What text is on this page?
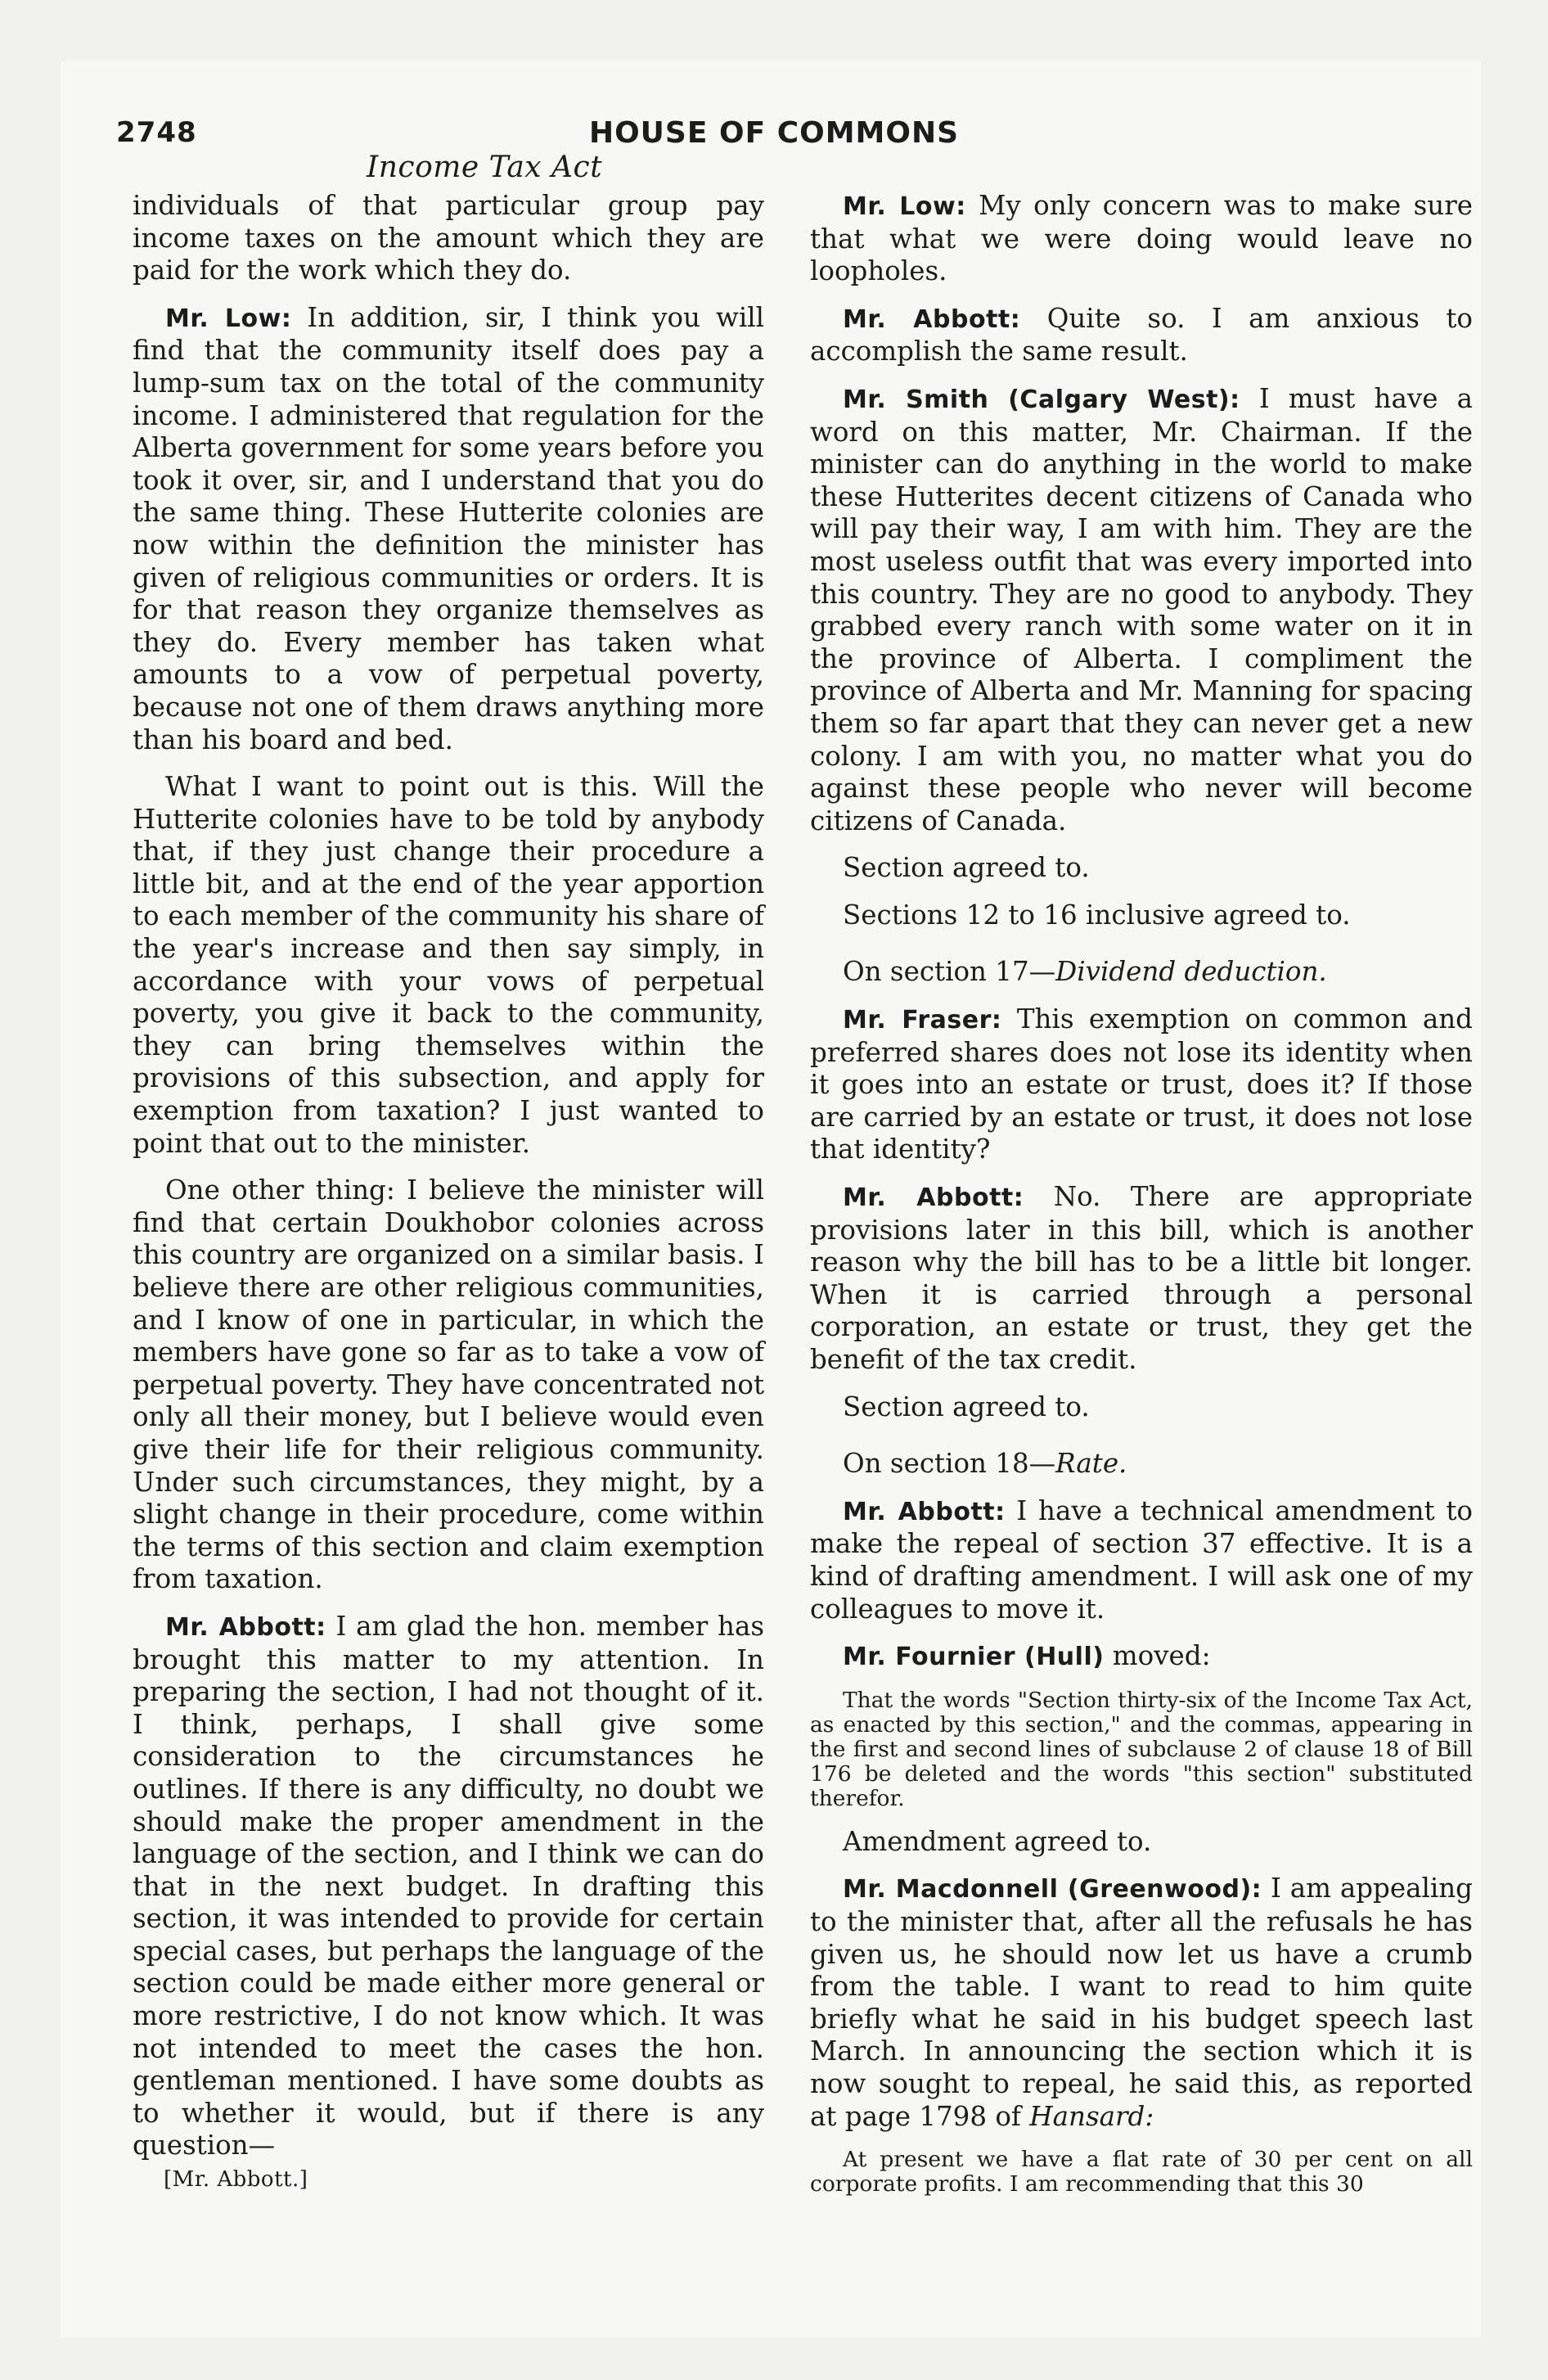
2748	HOUSE OF COMMONS
Income Tax Act

individuals of that particular group pay income taxes on the amount which they are paid for the work which they do.

Mr. Low: In addition, sir, I think you will find that the community itself does pay a lump-sum tax on the total of the community income. I administered that regulation for the Alberta government for some years before you took it over, sir, and I understand that you do the same thing. These Hutterite colonies are now within the definition the minister has given of religious communities or orders. It is for that reason they organize themselves as they do. Every member has taken what amounts to a vow of perpetual poverty, because not one of them draws anything more than his board and bed.

What I want to point out is this. Will the Hutterite colonies have to be told by anybody that, if they just change their procedure a little bit, and at the end of the year apportion to each member of the community his share of the year's increase and then say simply, in accordance with your vows of perpetual poverty, you give it back to the community, they can bring themselves within the provisions of this subsection, and apply for exemption from taxation? I just wanted to point that out to the minister.

One other thing: I believe the minister will find that certain Doukhobor colonies across this country are organized on a similar basis. I believe there are other religious communities, and I know of one in particular, in which the members have gone so far as to take a vow of perpetual poverty. They have concentrated not only all their money, but I believe would even give their life for their religious community. Under such circumstances, they might, by a slight change in their procedure, come within the terms of this section and claim exemption from taxation.

Mr. Abbott: I am glad the hon. member has brought this matter to my attention. In preparing the section, I had not thought of it. I think, perhaps, I shall give some consideration to the circumstances he outlines. If there is any difficulty, no doubt we should make the proper amendment in the language of the section, and I think we can do that in the next budget. In drafting this section, it was intended to provide for certain special cases, but perhaps the language of the section could be made either more general or more restrictive, I do not know which. It was not intended to meet the cases the hon. gentleman mentioned. I have some doubts as to whether it would, but if there is any question—

[Mr. Abbott.]

Mr. Low: My only concern was to make sure that what we were doing would leave no loopholes.

Mr. Abbott: Quite so. I am anxious to accomplish the same result.

Mr. Smith (Calgary West): I must have a word on this matter, Mr. Chairman. If the minister can do anything in the world to make these Hutterites decent citizens of Canada who will pay their way, I am with him. They are the most useless outfit that was every imported into this country. They are no good to anybody. They grabbed every ranch with some water on it in the province of Alberta. I compliment the province of Alberta and Mr. Manning for spacing them so far apart that they can never get a new colony. I am with you, no matter what you do against these people who never will become citizens of Canada.

Section agreed to.

Sections 12 to 16 inclusive agreed to.

On section 17—Dividend deduction.

Mr. Fraser: This exemption on common and preferred shares does not lose its identity when it goes into an estate or trust, does it? If those are carried by an estate or trust, it does not lose that identity?

Mr. Abbott: No. There are appropriate provisions later in this bill, which is another reason why the bill has to be a little bit longer. When it is carried through a personal corporation, an estate or trust, they get the benefit of the tax credit.

Section agreed to.

On section 18—Rate.

Mr. Abbott: I have a technical amendment to make the repeal of section 37 effective. It is a kind of drafting amendment. I will ask one of my colleagues to move it.

Mr. Fournier (Hull) moved:

That the words "Section thirty-six of the Income Tax Act, as enacted by this section," and the commas, appearing in the first and second lines of subclause 2 of clause 18 of Bill 176 be deleted and the words "this section" substituted therefor.

Amendment agreed to.

Mr. Macdonnell (Greenwood): I am appealing to the minister that, after all the refusals he has given us, he should now let us have a crumb from the table. I want to read to him quite briefly what he said in his budget speech last March. In announcing the section which it is now sought to repeal, he said this, as reported at page 1798 of Hansard:

At present we have a flat rate of 30 per cent on all corporate profits. I am recommending that this 30
